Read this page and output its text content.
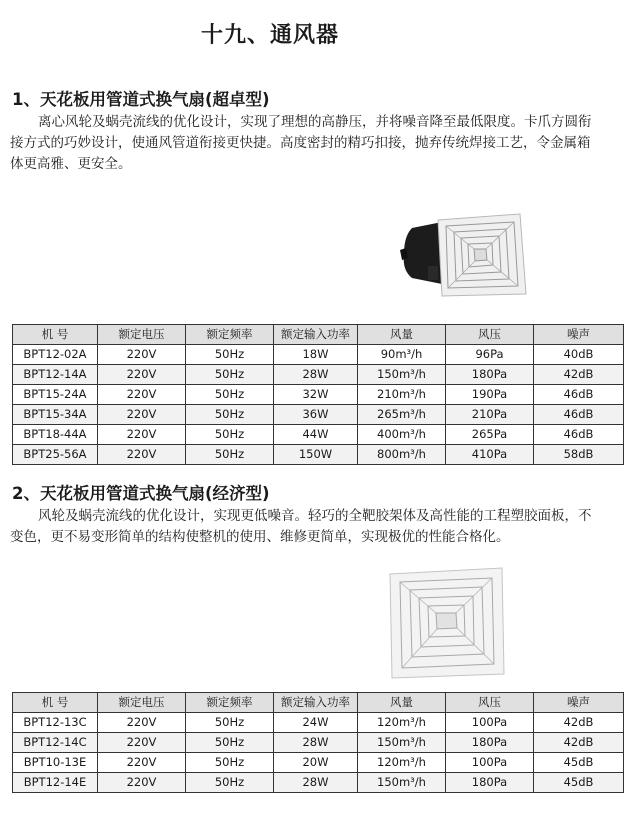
十九、通风器
1、天花板用管道式换气扇(超卓型)
离心风轮及蜗壳流线的优化设计，实现了理想的高静压，并将噪音降至最低限度。卡爪方圆衔接方式的巧妙设计，使通风管道衔接更快捷。高度密封的精巧扣接，抛弃传统焊接工艺，令金属箱体更高雅、更安全。
机 号	额定电压	额定频率	额定输入功率	风量	风压	噪声
BPT12-02A	220V	50Hz	18W	90m³/h	96Pa	40dB
BPT12-14A	220V	50Hz	28W	150m³/h	180Pa	42dB
BPT15-24A	220V	50Hz	32W	210m³/h	190Pa	46dB
BPT15-34A	220V	50Hz	36W	265m³/h	210Pa	46dB
BPT18-44A	220V	50Hz	44W	400m³/h	265Pa	46dB
BPT25-56A	220V	50Hz	150W	800m³/h	410Pa	58dB
2、天花板用管道式换气扇(经济型)
风轮及蜗壳流线的优化设计，实现更低噪音。轻巧的全靶胶架体及高性能的工程塑胶面板，不变色，更不易变形简单的结构使整机的使用、维修更简单，实现极优的性能合格化。
机 号	额定电压	额定频率	额定输入功率	风量	风压	噪声
BPT12-13C	220V	50Hz	24W	120m³/h	100Pa	42dB
BPT12-14C	220V	50Hz	28W	150m³/h	180Pa	42dB
BPT10-13E	220V	50Hz	20W	120m³/h	100Pa	45dB
BPT12-14E	220V	50Hz	28W	150m³/h	180Pa	45dB
